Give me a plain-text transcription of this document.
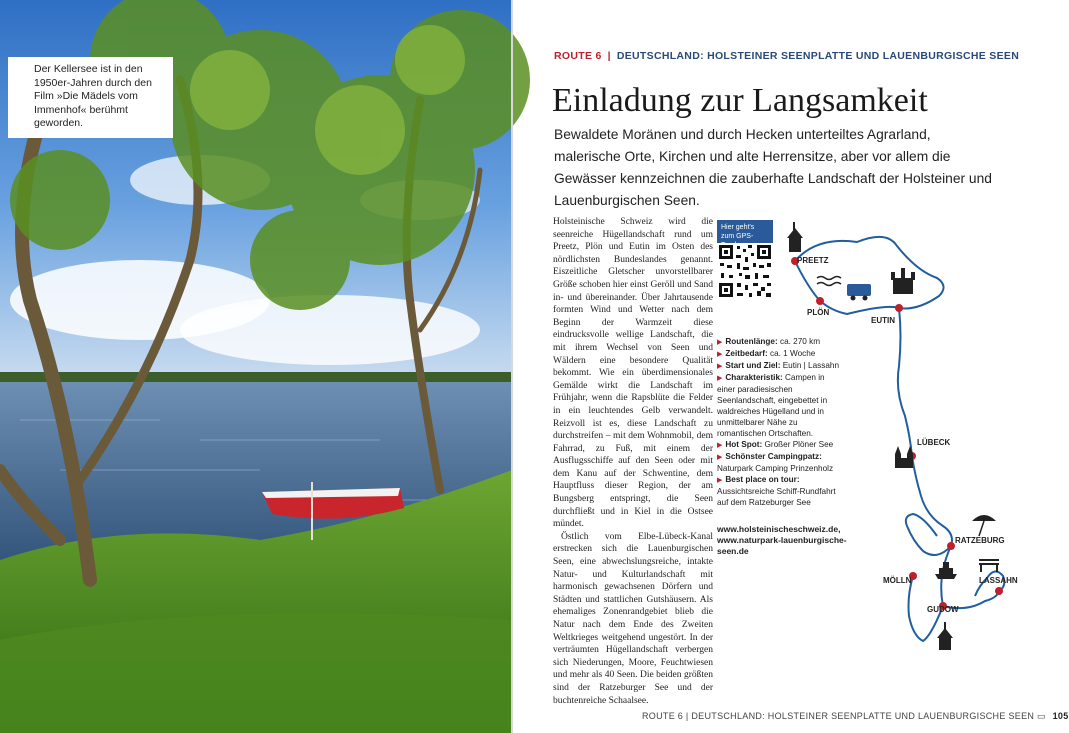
Der Kellersee ist in den 1950er-Jahren durch den Film »Die Mädels vom Immenhof« berühmt geworden.
ROUTE 6 | DEUTSCHLAND: HOLSTEINER SEENPLATTE UND LAUENBURGISCHE SEEN
Einladung zur Langsamkeit
Bewaldete Moränen und durch Hecken unterteiltes Agrarland, malerische Orte, Kirchen und alte Herrensitze, aber vor allem die Gewässer kennzeichnen die zauberhafte Landschaft der Holsteiner und Lauenburgischen Seen.

Holsteinische Schweiz wird die seenreiche Hügellandschaft rund um Preetz, Plön und Eutin im Osten des nördlichsten Bundeslandes genannt. Eiszeitliche Gletscher unvorstellbarer Größe schoben hier einst Geröll und Sand in- und übereinander. Über Jahrtausende formten Wind und Wetter nach dem Beginn der Warmzeit diese eindrucksvolle wellige Landschaft, die mit ihrem Wechsel von Seen und Wäldern eine besondere Qualität bekommt. Wie ein überdimensionales Gemälde wirkt die Landschaft im Frühjahr, wenn die Rapsblüte die Felder in ein leuchtendes Gelb verwandelt. Reizvoll ist es, diese Landschaft zu durchstreifen – mit dem Wohnmobil, dem Fahrrad, zu Fuß, mit einem der Ausflugsschiffe auf den Seen oder mit dem Kanu auf der Schwentine, dem Hauptfluss dieser Region, der am Bungsberg entspringt, die Seen durchfließt und in Kiel in die Ostsee mündet.

Östlich vom Elbe-Lübeck-Kanal erstrecken sich die Lauenburgischen Seen, eine abwechslungsreiche, intakte Natur- und Kulturlandschaft mit harmonisch gewachsenen Dörfern und Städten und stattlichen Gutshäusern. Als ehemaliges Zonenrandgebiet blieb die Natur nach dem Ende des Zweiten Weltkrieges weitgehend ungestört. In der verträumten Hügellandschaft verbergen sich Niederungen, Moore, Feuchtwiesen und mehr als 40 Seen. Die beiden größten sind der Ratzeburger See und der buchtenreiche Schaalsee.

Hier geht's zum GPS-
PREETZ
PLÖN
EUTIN
LÜBECK
RATZEBURG
MÖLLN	LASSAHN
GUDOW
▶ Routenlänge: ca. 270 km
▶ Zeitbedarf: ca. 1 Woche
▶ Start und Ziel: Eutin | Lassahn
▶ Charakteristik: Campen in einer paradiesischen Seenlandschaft, eingebettet in waldreiches Hügelland und in unmittelbarer Nähe zu romantischen Ortschaften.
▶ Hot Spot: Großer Plöner See
▶ Schönster Campingpatz: Naturpark Camping Prinzenholz
▶ Best place on tour: Aussichtsreiche Schiff-Rundfahrt auf dem Ratzeburger See
www.holsteinischeschweiz.de,
www.naturpark-lauenburgische-seen.de
ROUTE 6 | DEUTSCHLAND: HOLSTEINER SEENPLATTE UND LAUENBURGISCHE SEEN ▭ 105
